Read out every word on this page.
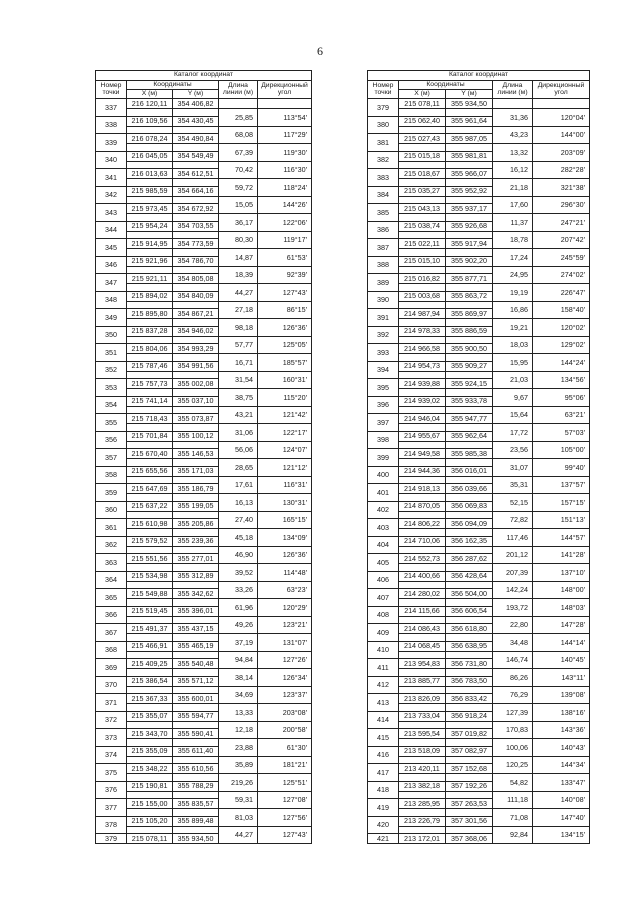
6
Каталог координат					
Номер точки	Координаты		Длина линии (м)	Дирекционный угол	
	X (м)	Y (м)			
337	216 120,11	354 406,82			
			25,85	113°54'	
338	216 109,56	354 430,45			
			68,08	117°29'	
339	216 078,24	354 490,84			
			67,39	119°30'	
340	216 045,05	354 549,49			
			70,42	116°30'	
341	216 013,63	354 612,51			
			59,72	118°24'	
342	215 985,59	354 664,16			
			15,05	144°26'	
343	215 973,45	354 672,92			
			36,17	122°06'	
344	215 954,24	354 703,55			
			80,30	119°17'	
345	215 914,95	354 773,59			
			14,87	61°53'	
346	215 921,96	354 786,70			
			18,39	92°39'	
347	215 921,11	354 805,08			
			44,27	127°43'	
348	215 894,02	354 840,09			
			27,18	86°15'	
349	215 895,80	354 867,21			
			98,18	126°36'	
350	215 837,28	354 946,02			
			57,77	125°05'	
351	215 804,06	354 993,29			
			16,71	185°57'	
352	215 787,46	354 991,56			
			31,54	160°31'	
353	215 757,73	355 002,08			
			38,75	115°20'	
354	215 741,14	355 037,10			
			43,21	121°42'	
355	215 718,43	355 073,87			
			31,06	122°17'	
356	215 701,84	355 100,12			
			56,06	124°07'	
357	215 670,40	355 146,53			
			28,65	121°12'	
358	215 655,56	355 171,03			
			17,61	116°31'	
359	215 647,69	355 186,79			
			16,13	130°31'	
360	215 637,22	355 199,05			
			27,40	165°15'	
361	215 610,98	355 205,86			
			45,18	134°09'	
362	215 579,52	355 239,36			
			46,90	126°36'	
363	215 551,56	355 277,01			
			39,52	114°48'	
364	215 534,98	355 312,89			
			33,26	63°23'	
365	215 549,88	355 342,62			
			61,96	120°29'	
366	215 519,45	355 396,01			
			49,26	123°21'	
367	215 491,37	355 437,15			
			37,19	131°07'	
368	215 466,91	355 465,19			
			94,84	127°26'	
369	215 409,25	355 540,48			
			38,14	126°34'	
370	215 386,54	355 571,12			
			34,69	123°37'	
371	215 367,33	355 600,01			
			13,33	203°08'	
372	215 355,07	355 594,77			
			12,18	200°58'	
373	215 343,70	355 590,41			
			23,88	61°30'	
374	215 355,09	355 611,40			
			35,89	181°21'	
375	215 348,22	355 610,56			
			219,26	125°51'	
376	215 190,81	355 788,29			
			59,31	127°08'	
377	215 155,00	355 835,57			
			81,03	127°56'	
378	215 105,20	355 899,48			
			44,27	127°43'	
379	215 078,11	355 934,50			
Каталог координат					
Номер точки	Координаты		Длина линии (м)	Дирекционный угол	
	X (м)	Y (м)			
379	215 078,11	355 934,50			
			31,36	120°04'	
380	215 062,40	355 961,64			
			43,23	144°00'	
381	215 027,43	355 987,05			
			13,32	203°09'	
382	215 015,18	355 981,81			
			16,12	282°28'	
383	215 018,67	355 966,07			
			21,18	321°38'	
384	215 035,27	355 952,92			
			17,60	296°30'	
385	215 043,13	355 937,17			
			11,37	247°21'	
386	215 038,74	355 926,68			
			18,78	207°42'	
387	215 022,11	355 917,94			
			17,24	245°59'	
388	215 015,10	355 902,20			
			24,95	274°02'	
389	215 016,82	355 877,71			
			19,19	226°47'	
390	215 003,68	355 863,72			
			16,86	158°40'	
391	214 987,94	355 869,97			
			19,21	120°02'	
392	214 978,33	355 886,59			
			18,03	129°02'	
393	214 966,58	355 900,50			
			15,95	144°24'	
394	214 954,73	355 909,27			
			21,03	134°56'	
395	214 939,88	355 924,15			
			9,67	95°06'	
396	214 939,02	355 933,78			
			15,64	63°21'	
397	214 946,04	355 947,77			
			17,72	57°03'	
398	214 955,67	355 962,64			
			23,56	105°00'	
399	214 949,58	355 985,38			
			31,07	99°40'	
400	214 944,36	356 016,01			
			35,31	137°57'	
401	214 918,13	356 039,66			
			52,15	157°15'	
402	214 870,05	356 069,83			
			72,82	151°13'	
403	214 806,22	356 094,09			
			117,46	144°57'	
404	214 710,06	356 162,35			
			201,12	141°28'	
405	214 552,73	356 287,62			
			207,39	137°10'	
406	214 400,66	356 428,64			
			142,24	148°00'	
407	214 280,02	356 504,00			
			193,72	148°03'	
408	214 115,66	356 606,54			
			22,80	147°28'	
409	214 086,43	356 618,80			
			34,48	144°14'	
410	214 068,45	356 638,95			
			146,74	140°45'	
411	213 954,83	356 731,80			
			86,26	143°11'	
412	213 885,77	356 783,50			
			76,29	139°08'	
413	213 826,09	356 833,42			
			127,39	138°16'	
414	213 733,04	356 918,24			
			170,83	143°36'	
415	213 595,54	357 019,82			
			100,06	140°43'	
416	213 518,09	357 082,97			
			120,25	144°34'	
417	213 420,11	357 152,68			
			54,82	133°47'	
418	213 382,18	357 192,26			
			111,18	140°08'	
419	213 285,95	357 263,53			
			71,08	147°40'	
420	213 226,79	357 301,56			
			92,84	134°15'	
421	213 172,01	357 368,06			
